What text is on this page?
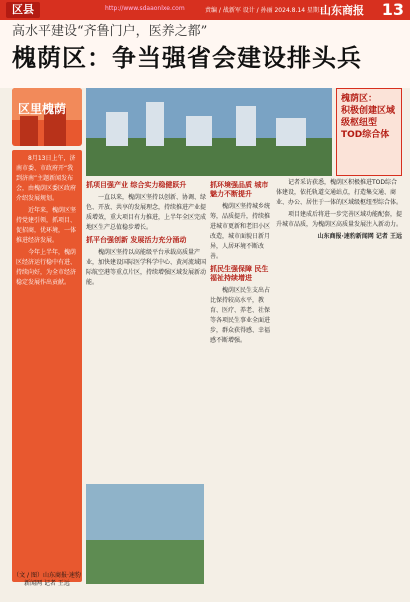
区县	http://www.sdaaonlxe.com	责编 / 战新军 设计 / 孙丽 2024.8.14 星期三
山东商报 13
高水平建设“齐鲁门户，医养之都”
槐荫区：争当强省会建设排头兵
区里槐荫

8月13日上午，济南市委、市政府开“我到济南”主题新闻发布会，由槐荫区委区政府介绍发展规划。

近年来，槐荫区坚持党建引领，抓项目、促招商，优环境，一体推进经济发展。

今年上半年，槐荫区经济运行稳中有进、持续向好，为全市经济稳定发展作出贡献。

（文 / 图）山东商报·速豹新闻网 记者 王远
槐荫区：
积极创建区域级枢纽型TOD综合体
抓项目强产业 综合实力稳健跃升

一直以来，槐荫区坚持以创新、协调、绿色、开放、共享的发展理念，持续推进产业提质增效，重大项目有力推进，上半年全区完成地区生产总值稳步增长。

抓平台强创新 发展活力充分涌动

槐荫区坚持以高能级平台承载高质量产业，加快建设国际医学科学中心、黄河流域国际航空港等重点片区，持续增强区域发展新动能。

抓环境强品质 城市魅力不断提升

槐荫区坚持城乡统筹，品质提升，持续推进城市更新和老旧小区改造，城市面貌日新月异，人居环境不断改善。

抓民生强保障 民生福祉持续增进

槐荫区民生支出占比保持较高水平，教育、医疗、养老、社保等各项民生事业全面进步，群众获得感、幸福感不断增强。

记者采访获悉，槐荫区积极推进TOD综合体建设，依托轨道交通站点，打造集交通、商业、办公、居住于一体的区域级枢纽型综合体。

项目建成后将进一步完善区域功能配套，提升城市品质，为槐荫区高质量发展注入新动力。

山东商报·速豹新闻网 记者 王远
